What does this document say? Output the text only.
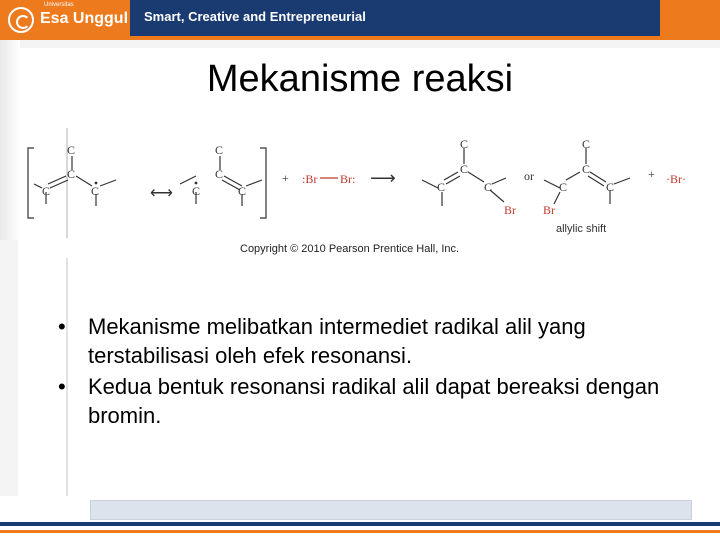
Universitas
Esa Unggul Smart, Creative and Entrepreneurial
Mekanisme reaksi
C
C
C
C
⟷ C
C
C
C
+ :Br Br: ⟶	C
C
C
C
Br
or
C
C
C
C
Br
+ ·Br·
allylic shift
Copyright © 2010 Pearson Prentice Hall, Inc.
•	Mekanisme melibatkan intermediet radikal alil yang terstabilisasi oleh efek resonansi.
•	Kedua bentuk resonansi radikal alil dapat bereaksi dengan bromin.
